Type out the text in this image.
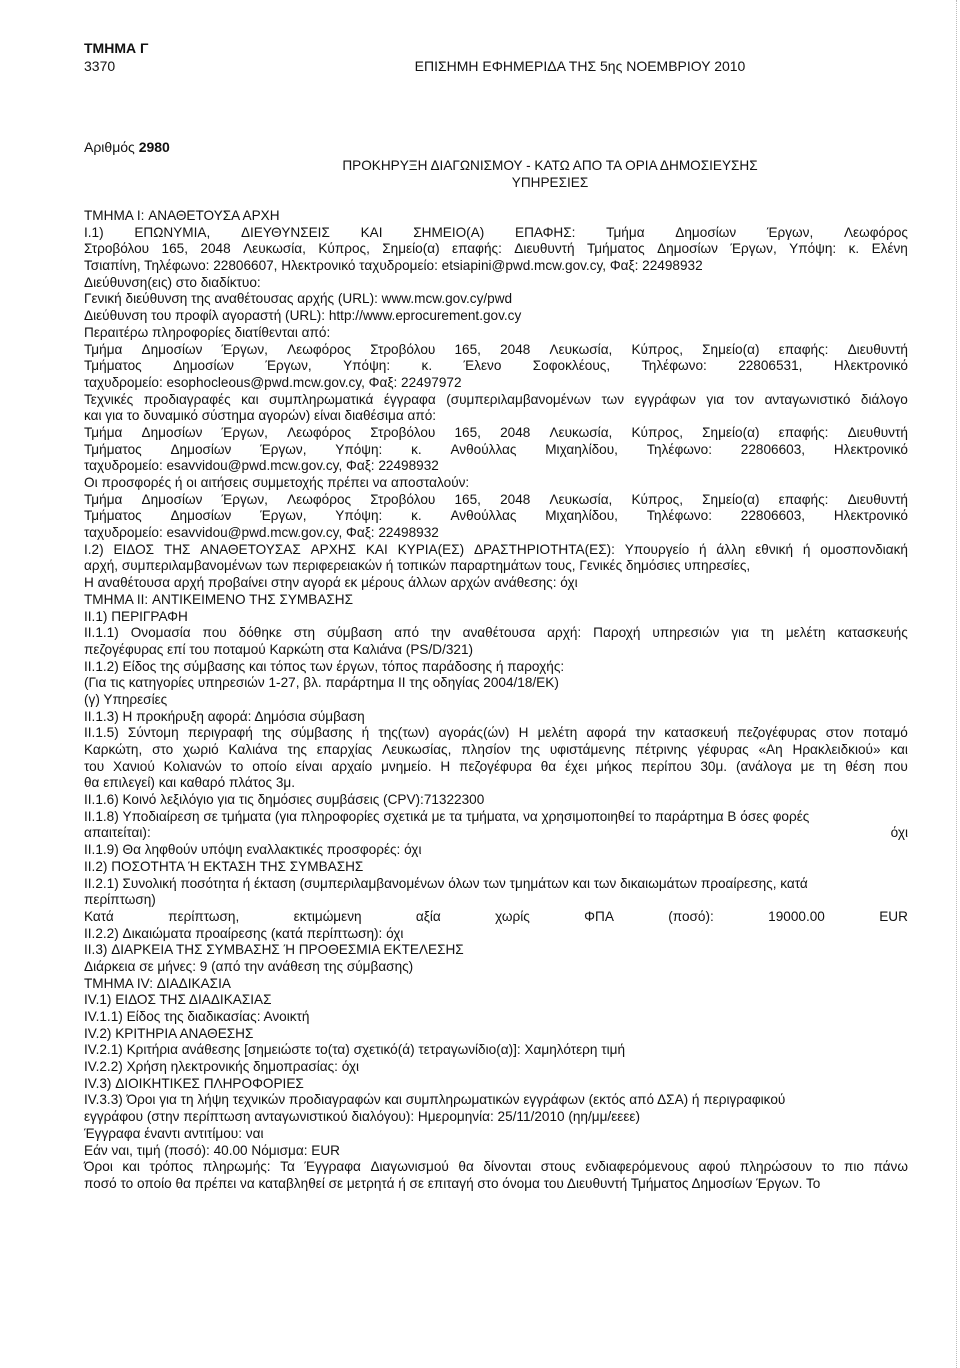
ΤΜΗΜΑ Γ
3370	ΕΠΙΣΗΜΗ ΕΦΗΜΕΡΙΔΑ ΤΗΣ 5ης ΝΟΕΜΒΡΙΟΥ 2010
Αριθμός 2980
ΠΡΟΚΗΡΥΞΗ ΔΙΑΓΩΝΙΣΜΟΥ - ΚΑΤΩ ΑΠΟ ΤΑ ΟΡΙΑ ΔΗΜΟΣΙΕΥΣΗΣ
ΥΠΗΡΕΣΙΕΣ
ΤΜΗΜΑ I: ΑΝΑΘΕΤΟΥΣΑ ΑΡΧΗ
I.1) ΕΠΩΝΥΜΙΑ, ΔΙΕΥΘΥΝΣΕΙΣ ΚΑΙ ΣΗΜΕΙΟ(Α) ΕΠΑΦΗΣ: Τμήμα Δημοσίων Έργων, Λεωφόρος
Στροβόλου 165, 2048 Λευκωσία, Κύπρος, Σημείο(α) επαφής: Διευθυντή Τμήματος Δημοσίων Έργων, Υπόψη: κ. Ελένη
Τσιαπίνη, Τηλέφωνο: 22806607, Ηλεκτρονικό ταχυδρομείο: etsiapini@pwd.mcw.gov.cy, Φαξ: 22498932
Διεύθυνση(εις) στο διαδίκτυο:
Γενική διεύθυνση της αναθέτουσας αρχής (URL): www.mcw.gov.cy/pwd
Διεύθυνση του προφίλ αγοραστή (URL): http://www.eprocurement.gov.cy
Περαιτέρω πληροφορίες διατίθενται από:
Τμήμα Δημοσίων Έργων, Λεωφόρος Στροβόλου 165, 2048 Λευκωσία, Κύπρος, Σημείο(α) επαφής: Διευθυντή
Τμήματος Δημοσίων Έργων, Υπόψη: κ. Έλενο Σοφοκλέους, Τηλέφωνο: 22806531, Ηλεκτρονικό
ταχυδρομείο: esophocleous@pwd.mcw.gov.cy, Φαξ: 22497972
Τεχνικές προδιαγραφές και συμπληρωματικά έγγραφα (συμπεριλαμβανομένων των εγγράφων για τον ανταγωνιστικό διάλογο
και για το δυναμικό σύστημα αγορών) είναι διαθέσιμα από:
Τμήμα Δημοσίων Έργων, Λεωφόρος Στροβόλου 165, 2048 Λευκωσία, Κύπρος, Σημείο(α) επαφής: Διευθυντή
Τμήματος Δημοσίων Έργων, Υπόψη: κ. Ανθούλλας Μιχαηλίδου, Τηλέφωνο: 22806603, Ηλεκτρονικό
ταχυδρομείο: esavvidou@pwd.mcw.gov.cy, Φαξ: 22498932
Οι προσφορές ή οι αιτήσεις συμμετοχής πρέπει να αποσταλούν:
Τμήμα Δημοσίων Έργων, Λεωφόρος Στροβόλου 165, 2048 Λευκωσία, Κύπρος, Σημείο(α) επαφής: Διευθυντή
Τμήματος Δημοσίων Έργων, Υπόψη: κ. Ανθούλλας Μιχαηλίδου, Τηλέφωνο: 22806603, Ηλεκτρονικό
ταχυδρομείο: esavvidou@pwd.mcw.gov.cy, Φαξ: 22498932
I.2) ΕΙΔΟΣ ΤΗΣ ΑΝΑΘΕΤΟΥΣΑΣ ΑΡΧΗΣ ΚΑΙ ΚΥΡΙΑ(ΕΣ) ΔΡΑΣΤΗΡΙΟΤΗΤΑ(ΕΣ): Υπουργείο ή άλλη εθνική ή ομοσπονδιακή
αρχή, συμπεριλαμβανομένων των περιφερειακών ή τοπικών παραρτημάτων τους, Γενικές δημόσιες υπηρεσίες,
Η αναθέτουσα αρχή προβαίνει στην αγορά εκ μέρους άλλων αρχών ανάθεσης: όχι
ΤΜΗΜΑ II: ΑΝΤΙΚΕΙΜΕΝΟ ΤΗΣ ΣΥΜΒΑΣΗΣ
II.1) ΠΕΡΙΓΡΑΦΗ
II.1.1) Ονομασία που δόθηκε στη σύμβαση από την αναθέτουσα αρχή: Παροχή υπηρεσιών για τη μελέτη κατασκευής
πεζογέφυρας επί του ποταμού Καρκώτη στα Καλιάνα (PS/D/321)
II.1.2) Είδος της σύμβασης και τόπος των έργων, τόπος παράδοσης ή παροχής:
(Για τις κατηγορίες υπηρεσιών 1-27, βλ. παράρτημα II της οδηγίας 2004/18/ΕΚ)
(γ) Υπηρεσίες
II.1.3) Η προκήρυξη αφορά: Δημόσια σύμβαση
II.1.5) Σύντομη περιγραφή της σύμβασης ή της(των) αγοράς(ών) Η μελέτη αφορά την κατασκευή πεζογέφυρας στον ποταμό
Καρκώτη, στο χωριό Καλιάνα της επαρχίας Λευκωσίας, πλησίον της υφιστάμενης πέτρινης γέφυρας «Αη Ηρακλειδκιού» και
του Χανιού Κολιανών το οποίο είναι αρχαίο μνημείο. Η πεζογέφυρα θα έχει μήκος περίπου 30μ. (ανάλογα με τη θέση που
θα επιλεγεί) και καθαρό πλάτος 3μ.
II.1.6) Κοινό λεξιλόγιο για τις δημόσιες συμβάσεις (CPV):71322300
II.1.8) Υποδιαίρεση σε τμήματα (για πληροφορίες σχετικά με τα τμήματα, να χρησιμοποιηθεί το παράρτημα Β όσες φορές
απαιτείται):	όχι
II.1.9) Θα ληφθούν υπόψη εναλλακτικές προσφορές: όχι
II.2) ΠΟΣΟΤΗΤΑ Ή ΕΚΤΑΣΗ ΤΗΣ ΣΥΜΒΑΣΗΣ
II.2.1) Συνολική ποσότητα ή έκταση (συμπεριλαμβανομένων όλων των τμημάτων και των δικαιωμάτων προαίρεσης, κατά
περίπτωση)
Κατά	περίπτωση,	εκτιμώμενη	αξία	χωρίς	ΦΠΑ	(ποσό):	19000.00	EUR
II.2.2) Δικαιώματα προαίρεσης (κατά περίπτωση): όχι
II.3) ΔΙΑΡΚΕΙΑ ΤΗΣ ΣΥΜΒΑΣΗΣ Ή ΠΡΟΘΕΣΜΙΑ ΕΚΤΕΛΕΣΗΣ
Διάρκεια σε μήνες: 9 (από την ανάθεση της σύμβασης)
ΤΜΗΜΑ IV: ΔΙΑΔΙΚΑΣΙΑ
IV.1) ΕΙΔΟΣ ΤΗΣ ΔΙΑΔΙΚΑΣΙΑΣ
IV.1.1) Είδος της διαδικασίας: Ανοικτή
IV.2) ΚΡΙΤΗΡΙΑ ΑΝΑΘΕΣΗΣ
IV.2.1) Κριτήρια ανάθεσης [σημειώστε το(τα) σχετικό(ά) τετραγωνίδιο(α)]: Χαμηλότερη τιμή
IV.2.2) Χρήση ηλεκτρονικής δημοπρασίας: όχι
IV.3) ΔΙΟΙΚΗΤΙΚΕΣ ΠΛΗΡΟΦΟΡΙΕΣ
IV.3.3) Όροι για τη λήψη τεχνικών προδιαγραφών και συμπληρωματικών εγγράφων (εκτός από ΔΣΑ) ή περιγραφικού
εγγράφου (στην περίπτωση ανταγωνιστικού διαλόγου): Ημερομηνία: 25/11/2010 (ηη/μμ/εεεε)
Έγγραφα έναντι αντιτίμου: ναι
Εάν ναι, τιμή (ποσό): 40.00 Νόμισμα: EUR
Όροι και τρόπος πληρωμής: Τα Έγγραφα Διαγωνισμού θα δίνονται στους ενδιαφερόμενους αφού πληρώσουν το πιο πάνω
ποσό το οποίο θα πρέπει να καταβληθεί σε μετρητά ή σε επιταγή στο όνομα του Διευθυντή Τμήματος Δημοσίων Έργων. Το
